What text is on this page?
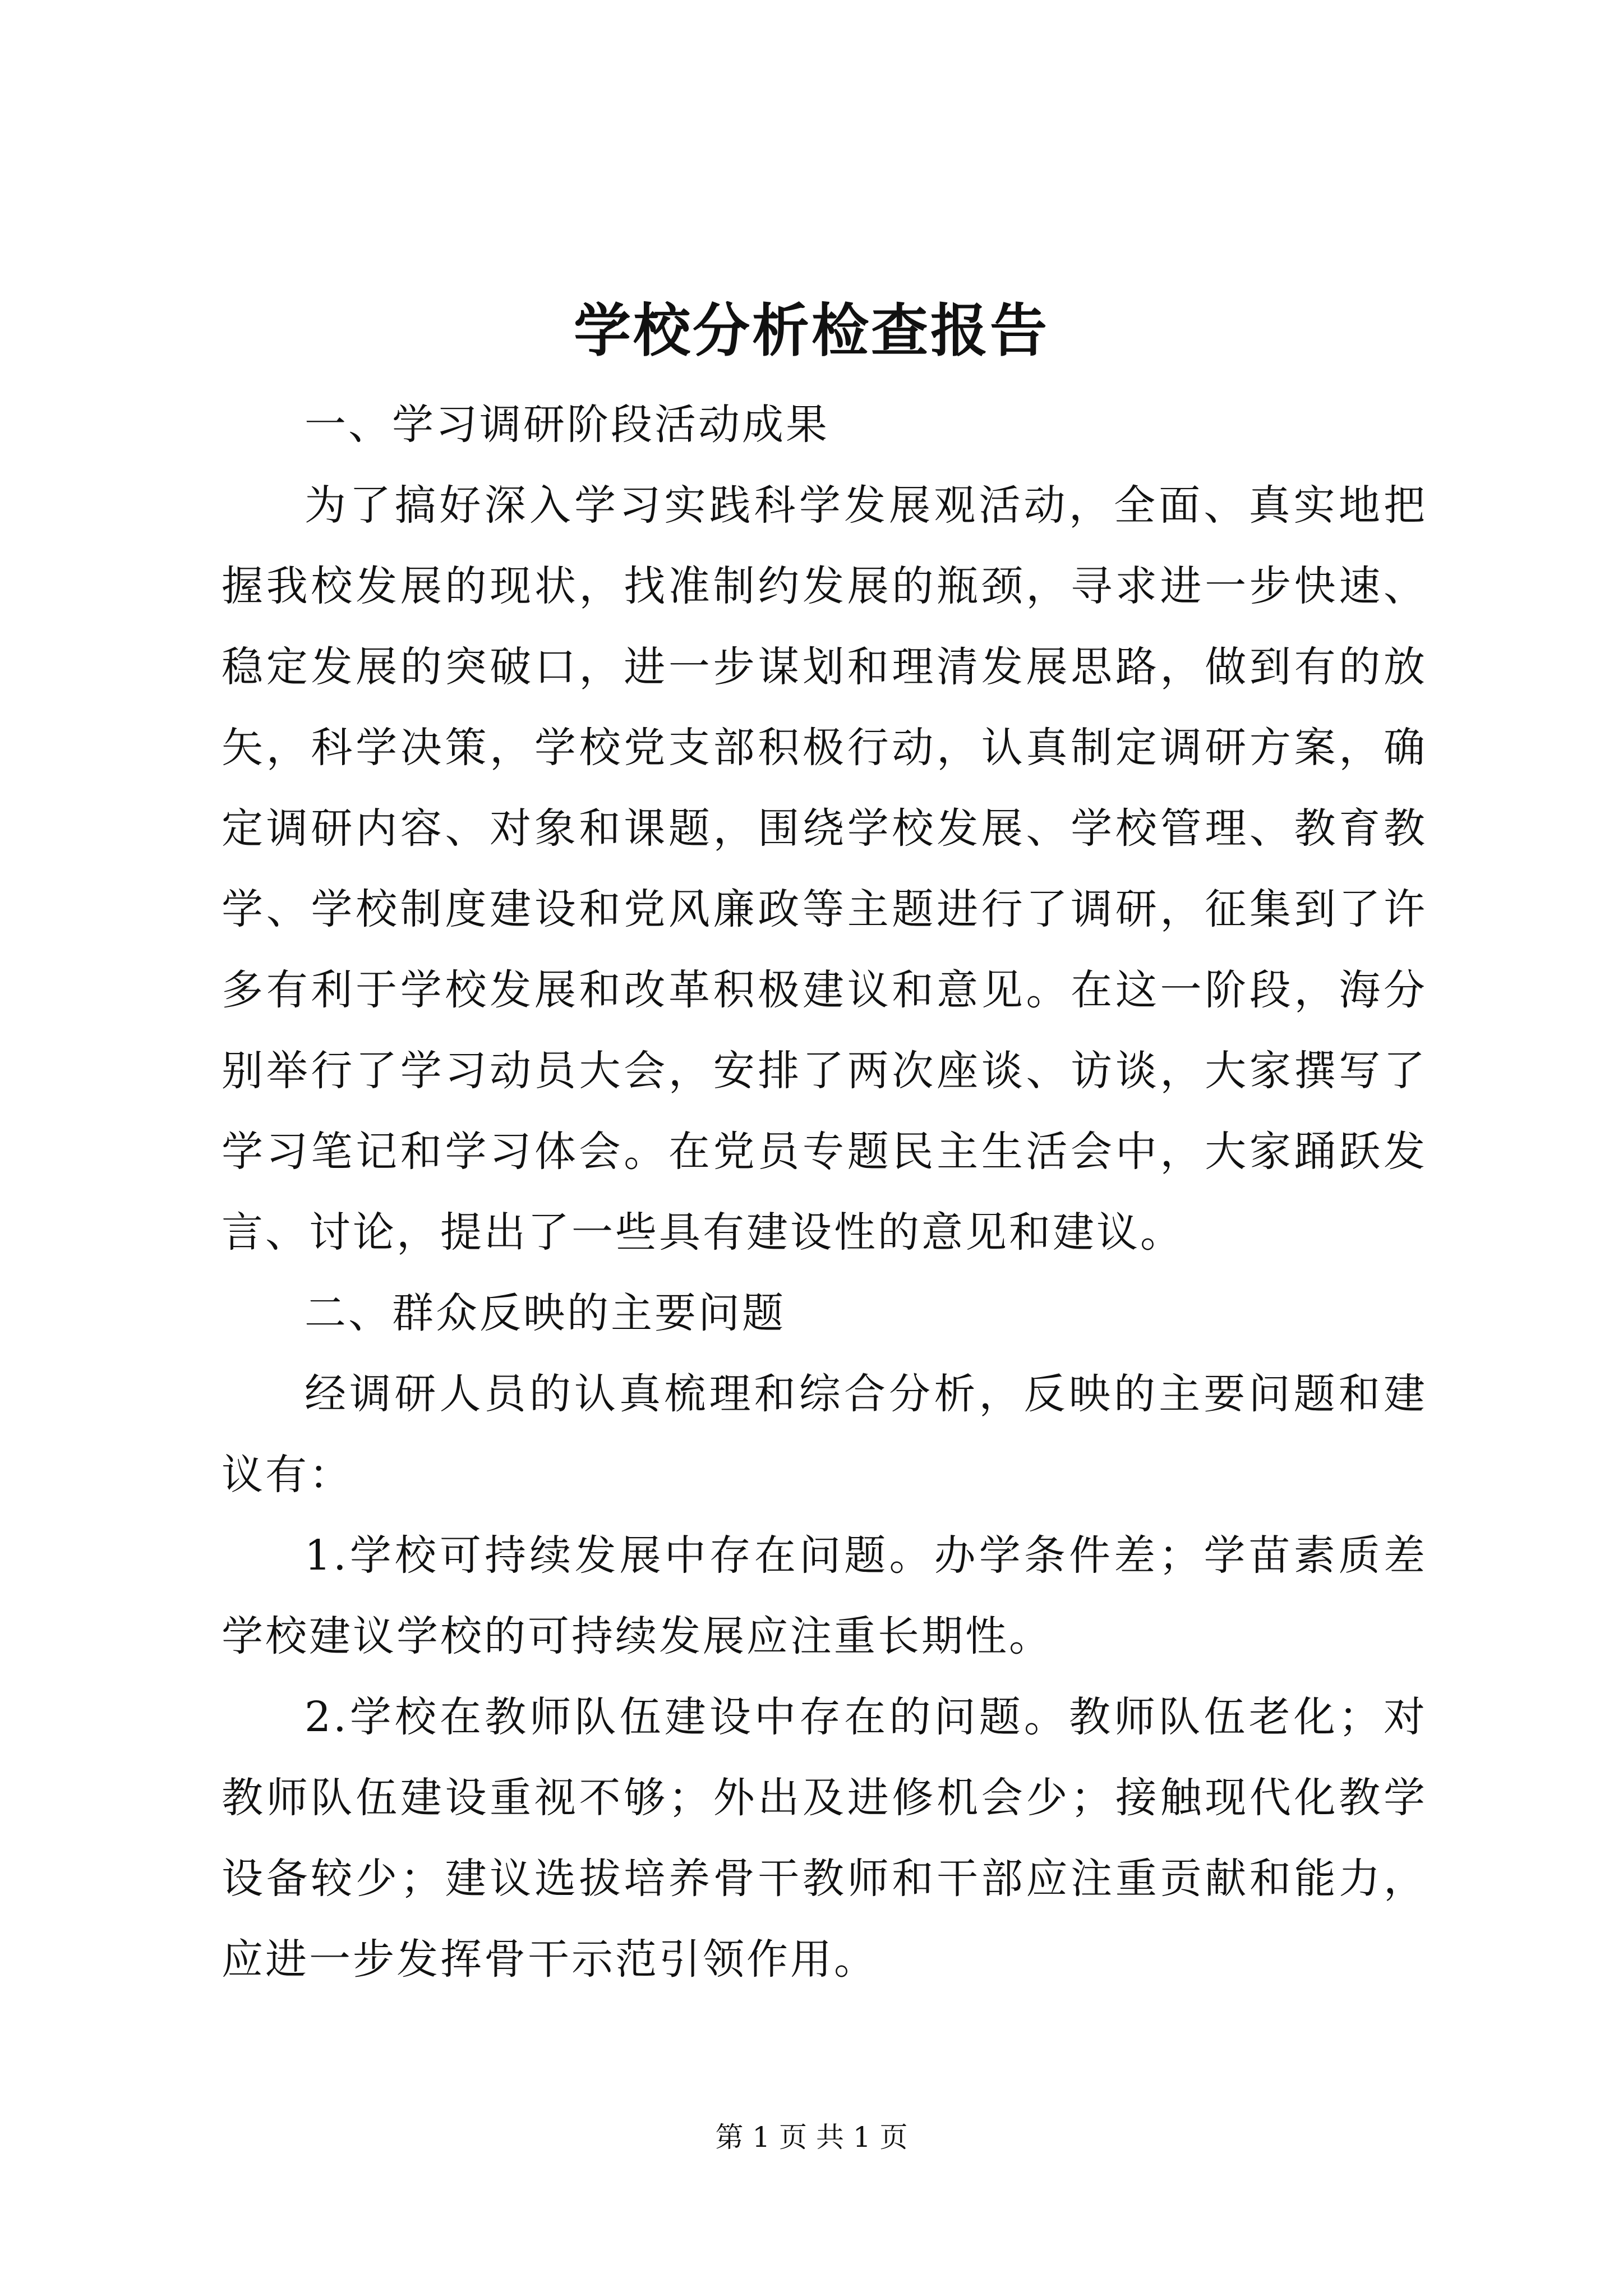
学校分析检查报告

一、学习调研阶段活动成果

为了搞好深入学习实践科学发展观活动，全面、真实地把握我校发展的现状，找准制约发展的瓶颈，寻求进一步快速、稳定发展的突破口，进一步谋划和理清发展思路，做到有的放矢，科学决策，学校党支部积极行动，认真制定调研方案，确定调研内容、对象和课题，围绕学校发展、学校管理、教育教学、学校制度建设和党风廉政等主题进行了调研，征集到了许多有利于学校发展和改革积极建议和意见。在这一阶段，海分别举行了学习动员大会，安排了两次座谈、访谈，大家撰写了学习笔记和学习体会。在党员专题民主生活会中，大家踊跃发言、讨论，提出了一些具有建设性的意见和建议。

二、群众反映的主要问题

经调研人员的认真梳理和综合分析，反映的主要问题和建议有：

1.学校可持续发展中存在问题。办学条件差；学苗素质差学校建议学校的可持续发展应注重长期性。

2.学校在教师队伍建设中存在的问题。教师队伍老化；对教师队伍建设重视不够；外出及进修机会少；接触现代化教学设备较少；建议选拔培养骨干教师和干部应注重贡献和能力，应进一步发挥骨干示范引领作用。

第 1 页 共 1 页
